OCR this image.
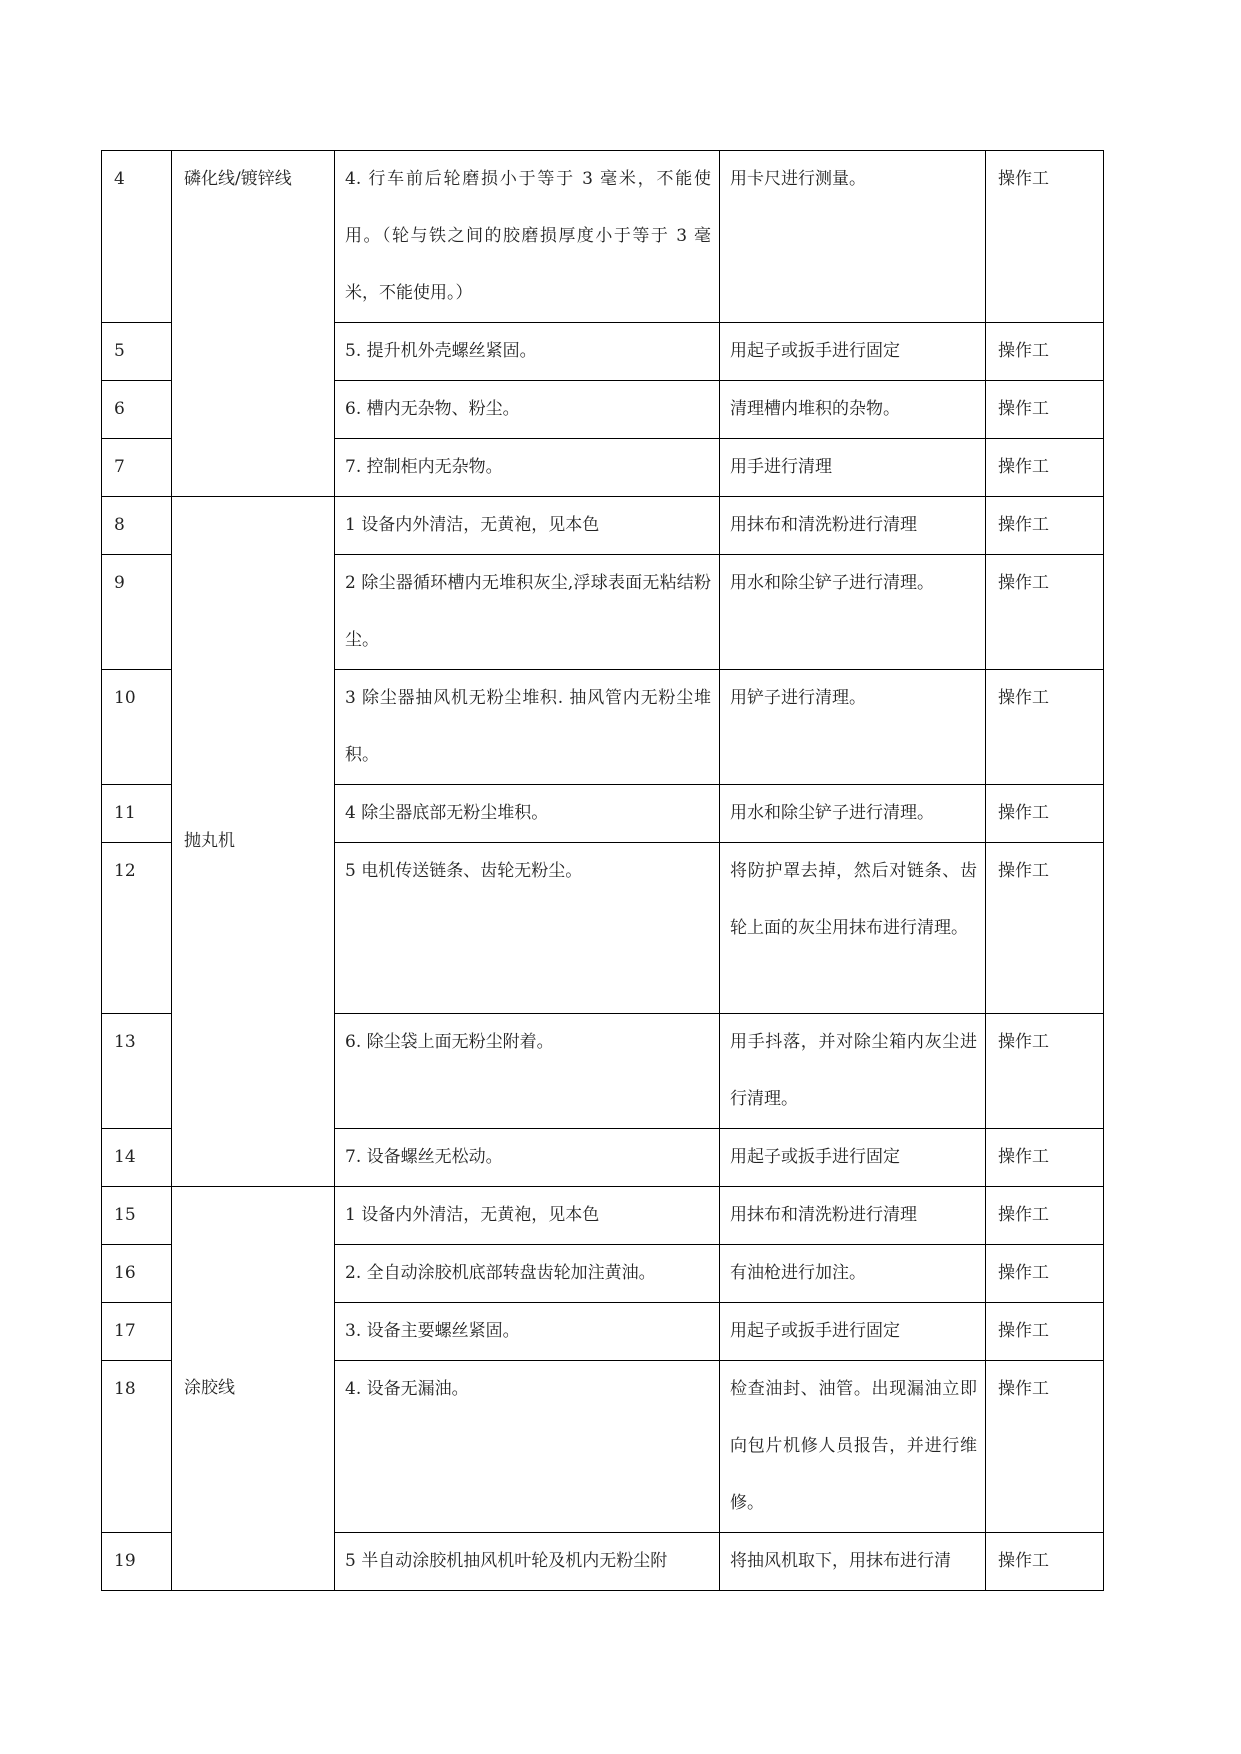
4	磷化线/镀锌线	4. 行车前后轮磨损小于等于 3 毫米，不能使用。（轮与铁之间的胶磨损厚度小于等于 3 毫米，不能使用。）	用卡尺进行测量。	操作工
5		5. 提升机外壳螺丝紧固。	用起子或扳手进行固定	操作工
6		6. 槽内无杂物、粉尘。	清理槽内堆积的杂物。	操作工
7		7. 控制柜内无杂物。	用手进行清理	操作工
8	抛丸机	1 设备内外清洁，无黄袍，见本色	用抹布和清洗粉进行清理	操作工
9		2 除尘器循环槽内无堆积灰尘,浮球表面无粘结粉尘。	用水和除尘铲子进行清理。	操作工
10		3 除尘器抽风机无粉尘堆积. 抽风管内无粉尘堆积。	用铲子进行清理。	操作工
11		4 除尘器底部无粉尘堆积。	用水和除尘铲子进行清理。	操作工
12		5 电机传送链条、齿轮无粉尘。	将防护罩去掉，然后对链条、齿轮上面的灰尘用抹布进行清理。	操作工
13		6. 除尘袋上面无粉尘附着。	用手抖落，并对除尘箱内灰尘进行清理。	操作工
14		7. 设备螺丝无松动。	用起子或扳手进行固定	操作工
15	涂胶线	1 设备内外清洁，无黄袍，见本色	用抹布和清洗粉进行清理	操作工
16		2. 全自动涂胶机底部转盘齿轮加注黄油。	有油枪进行加注。	操作工
17		3. 设备主要螺丝紧固。	用起子或扳手进行固定	操作工
18		4. 设备无漏油。	检查油封、油管。出现漏油立即向包片机修人员报告，并进行维修。	操作工
19		5 半自动涂胶机抽风机叶轮及机内无粉尘附	将抽风机取下，用抹布进行清	操作工
